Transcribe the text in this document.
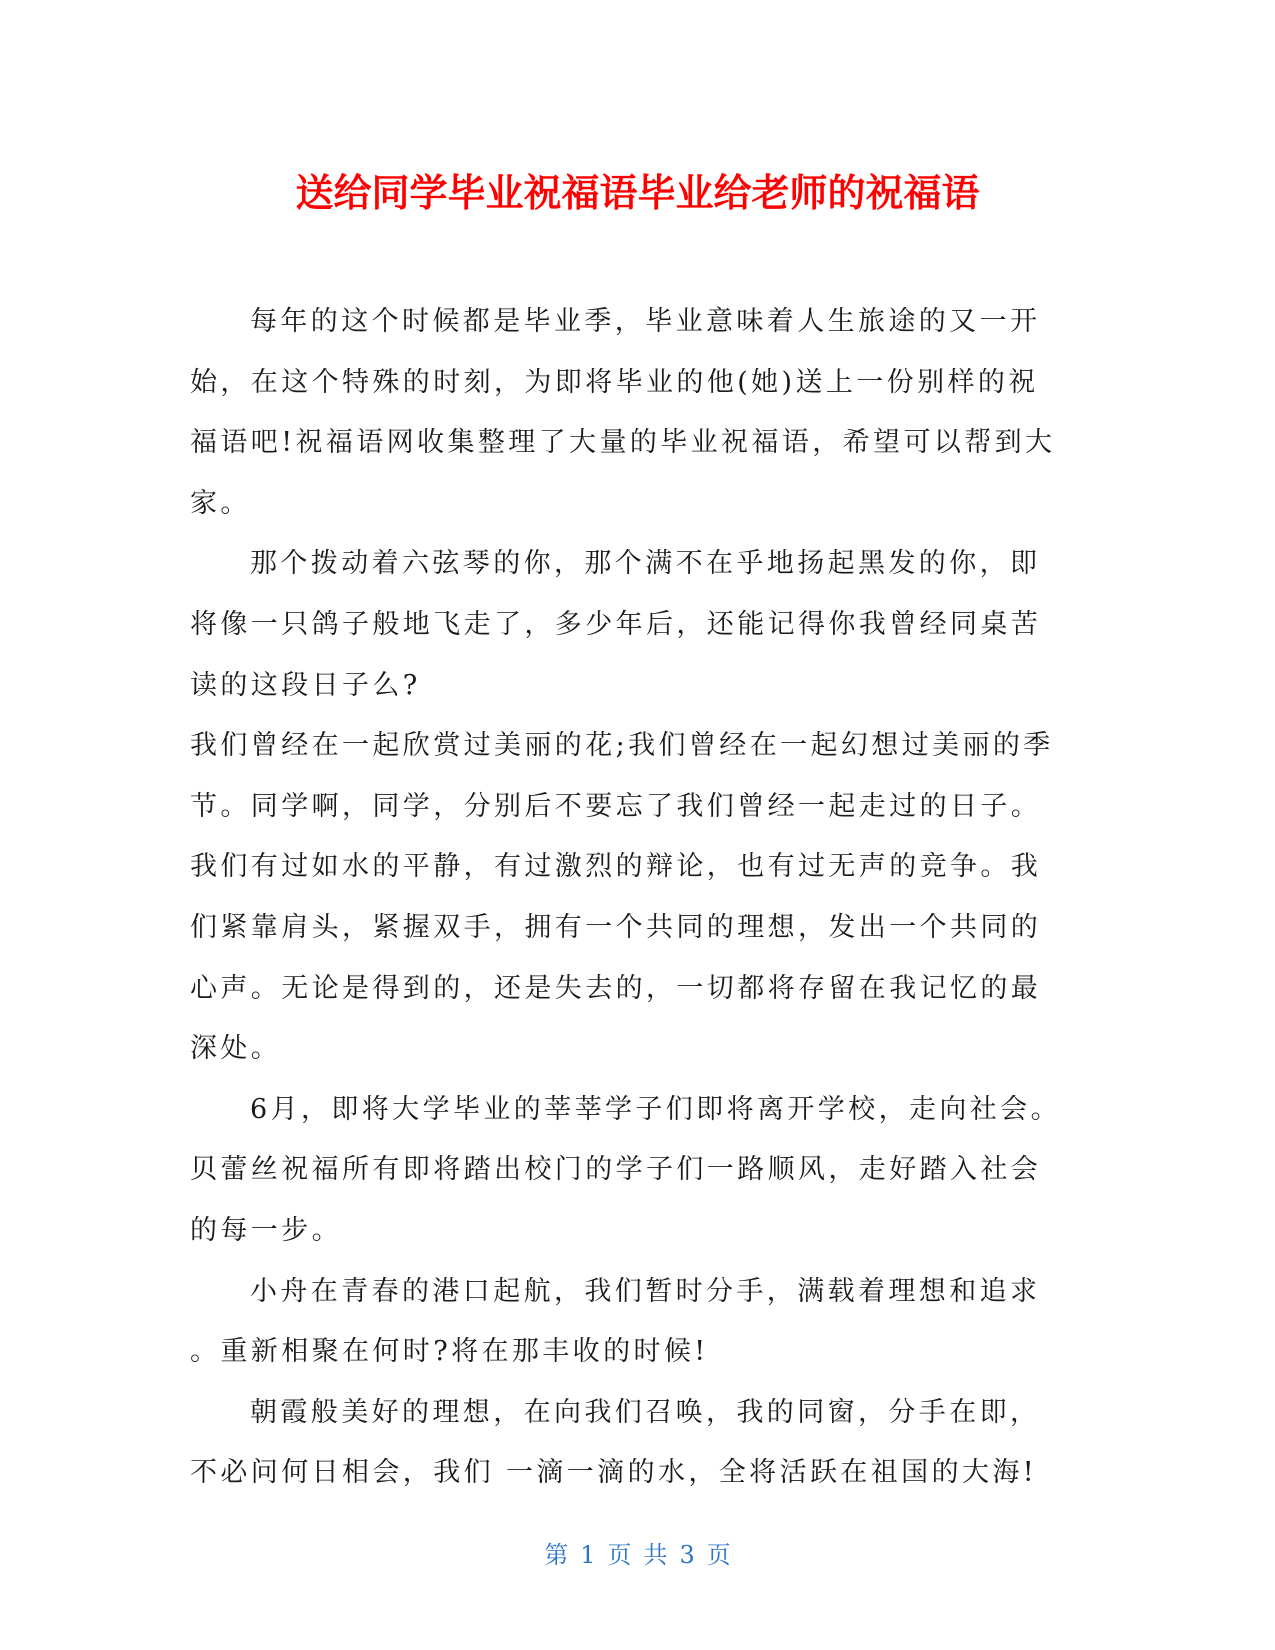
送给同学毕业祝福语毕业给老师的祝福语
每年的这个时候都是毕业季，毕业意味着人生旅途的又一开
始，在这个特殊的时刻，为即将毕业的他(她)送上一份别样的祝
福语吧!祝福语网收集整理了大量的毕业祝福语，希望可以帮到大
家。
那个拨动着六弦琴的你，那个满不在乎地扬起黑发的你，即
将像一只鸽子般地飞走了，多少年后，还能记得你我曾经同桌苦
读的这段日子么?
我们曾经在一起欣赏过美丽的花;我们曾经在一起幻想过美丽的季
节。同学啊，同学，分别后不要忘了我们曾经一起走过的日子。
我们有过如水的平静，有过激烈的辩论，也有过无声的竞争。我
们紧靠肩头，紧握双手，拥有一个共同的理想，发出一个共同的
心声。无论是得到的，还是失去的，一切都将存留在我记忆的最
深处。
6月，即将大学毕业的莘莘学子们即将离开学校，走向社会。
贝蕾丝祝福所有即将踏出校门的学子们一路顺风，走好踏入社会
的每一步。
小舟在青春的港口起航，我们暂时分手，满载着理想和追求
。重新相聚在何时?将在那丰收的时候!
朝霞般美好的理想，在向我们召唤，我的同窗，分手在即，
不必问何日相会，我们 一滴一滴的水，全将活跃在祖国的大海!
第 1 页 共 3 页
